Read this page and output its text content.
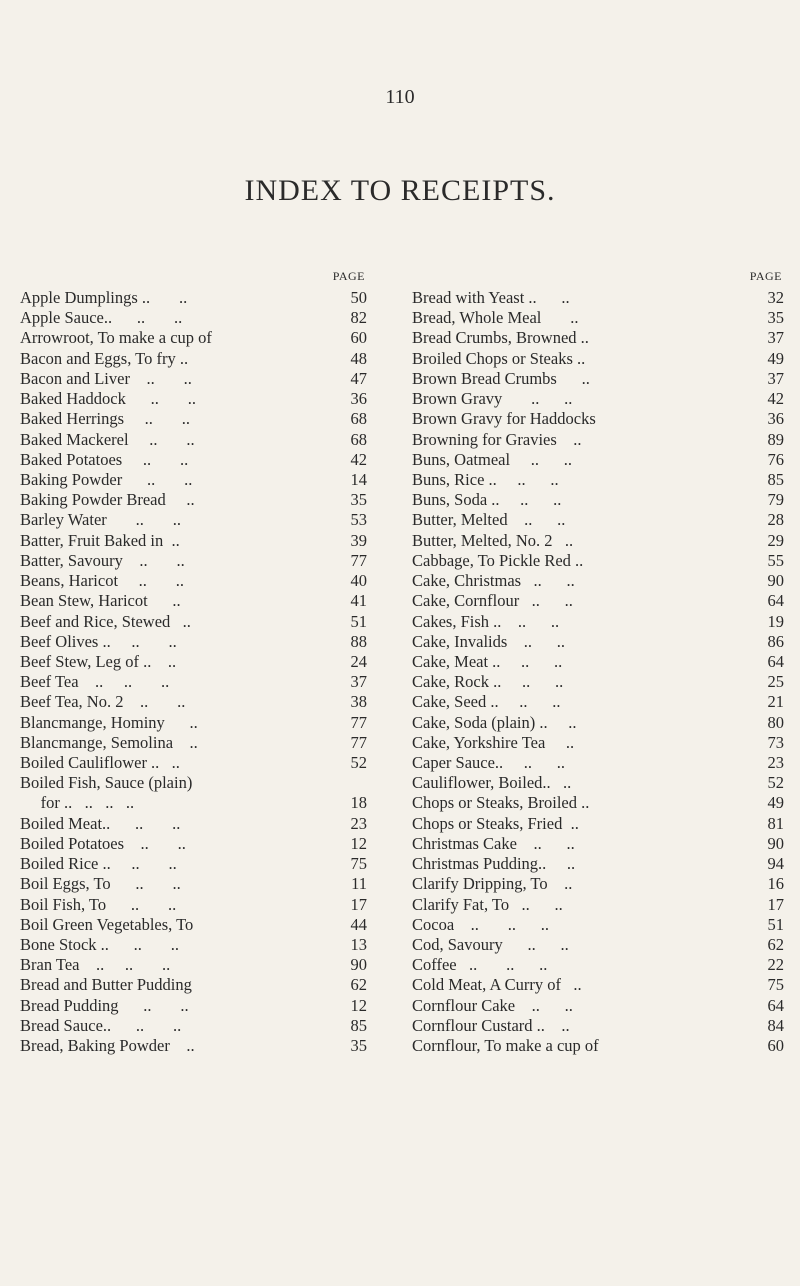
110
INDEX TO RECEIPTS.
PAGE
Apple Dumplings ..       ..	50
Apple Sauce..      ..       ..	82
Arrowroot, To make a cup of	60
Bacon and Eggs, To fry ..	48
Bacon and Liver    ..       ..	47
Baked Haddock      ..       ..	36
Baked Herrings     ..       ..	68
Baked Mackerel     ..       ..	68
Baked Potatoes     ..       ..	42
Baking Powder      ..       ..	14
Baking Powder Bread     ..	35
Barley Water       ..       ..	53
Batter, Fruit Baked in  ..	39
Batter, Savoury    ..       ..	77
Beans, Haricot     ..       ..	40
Bean Stew, Haricot      ..	41
Beef and Rice, Stewed   ..	51
Beef Olives ..     ..       ..	88
Beef Stew, Leg of ..    ..	24
Beef Tea    ..     ..       ..	37
Beef Tea, No. 2    ..       ..	38
Blancmange, Hominy      ..	77
Blancmange, Semolina    ..	77
Boiled Cauliflower ..   ..	52
Boiled Fish, Sauce (plain)
for ..   ..   ..   ..	18
Boiled Meat..      ..       ..	23
Boiled Potatoes    ..       ..	12
Boiled Rice ..     ..       ..	75
Boil Eggs, To      ..       ..	11
Boil Fish, To      ..       ..	17
Boil Green Vegetables, To	44
Bone Stock ..      ..       ..	13
Bran Tea    ..     ..       ..	90
Bread and Butter Pudding	62
Bread Pudding      ..       ..	12
Bread Sauce..      ..       ..	85
Bread, Baking Powder    ..	35
PAGE
Bread with Yeast ..      ..	32
Bread, Whole Meal       ..	35
Bread Crumbs, Browned ..	37
Broiled Chops or Steaks ..	49
Brown Bread Crumbs      ..	37
Brown Gravy       ..      ..	42
Brown Gravy for Haddocks	36
Browning for Gravies    ..	89
Buns, Oatmeal     ..      ..	76
Buns, Rice ..     ..      ..	85
Buns, Soda ..     ..      ..	79
Butter, Melted    ..      ..	28
Butter, Melted, No. 2   ..	29
Cabbage, To Pickle Red ..	55
Cake, Christmas   ..      ..	90
Cake, Cornflour   ..      ..	64
Cakes, Fish ..    ..      ..	19
Cake, Invalids    ..      ..	86
Cake, Meat ..     ..      ..	64
Cake, Rock ..     ..      ..	25
Cake, Seed ..     ..      ..	21
Cake, Soda (plain) ..     ..	80
Cake, Yorkshire Tea     ..	73
Caper Sauce..     ..      ..	23
Cauliflower, Boiled..   ..	52
Chops or Steaks, Broiled ..	49
Chops or Steaks, Fried  ..	81
Christmas Cake    ..      ..	90
Christmas Pudding..     ..	94
Clarify Dripping, To    ..	16
Clarify Fat, To   ..      ..	17
Cocoa    ..       ..      ..	51
Cod, Savoury      ..      ..	62
Coffee   ..       ..      ..	22
Cold Meat, A Curry of   ..	75
Cornflour Cake    ..      ..	64
Cornflour Custard ..    ..	84
Cornflour, To make a cup of	60
